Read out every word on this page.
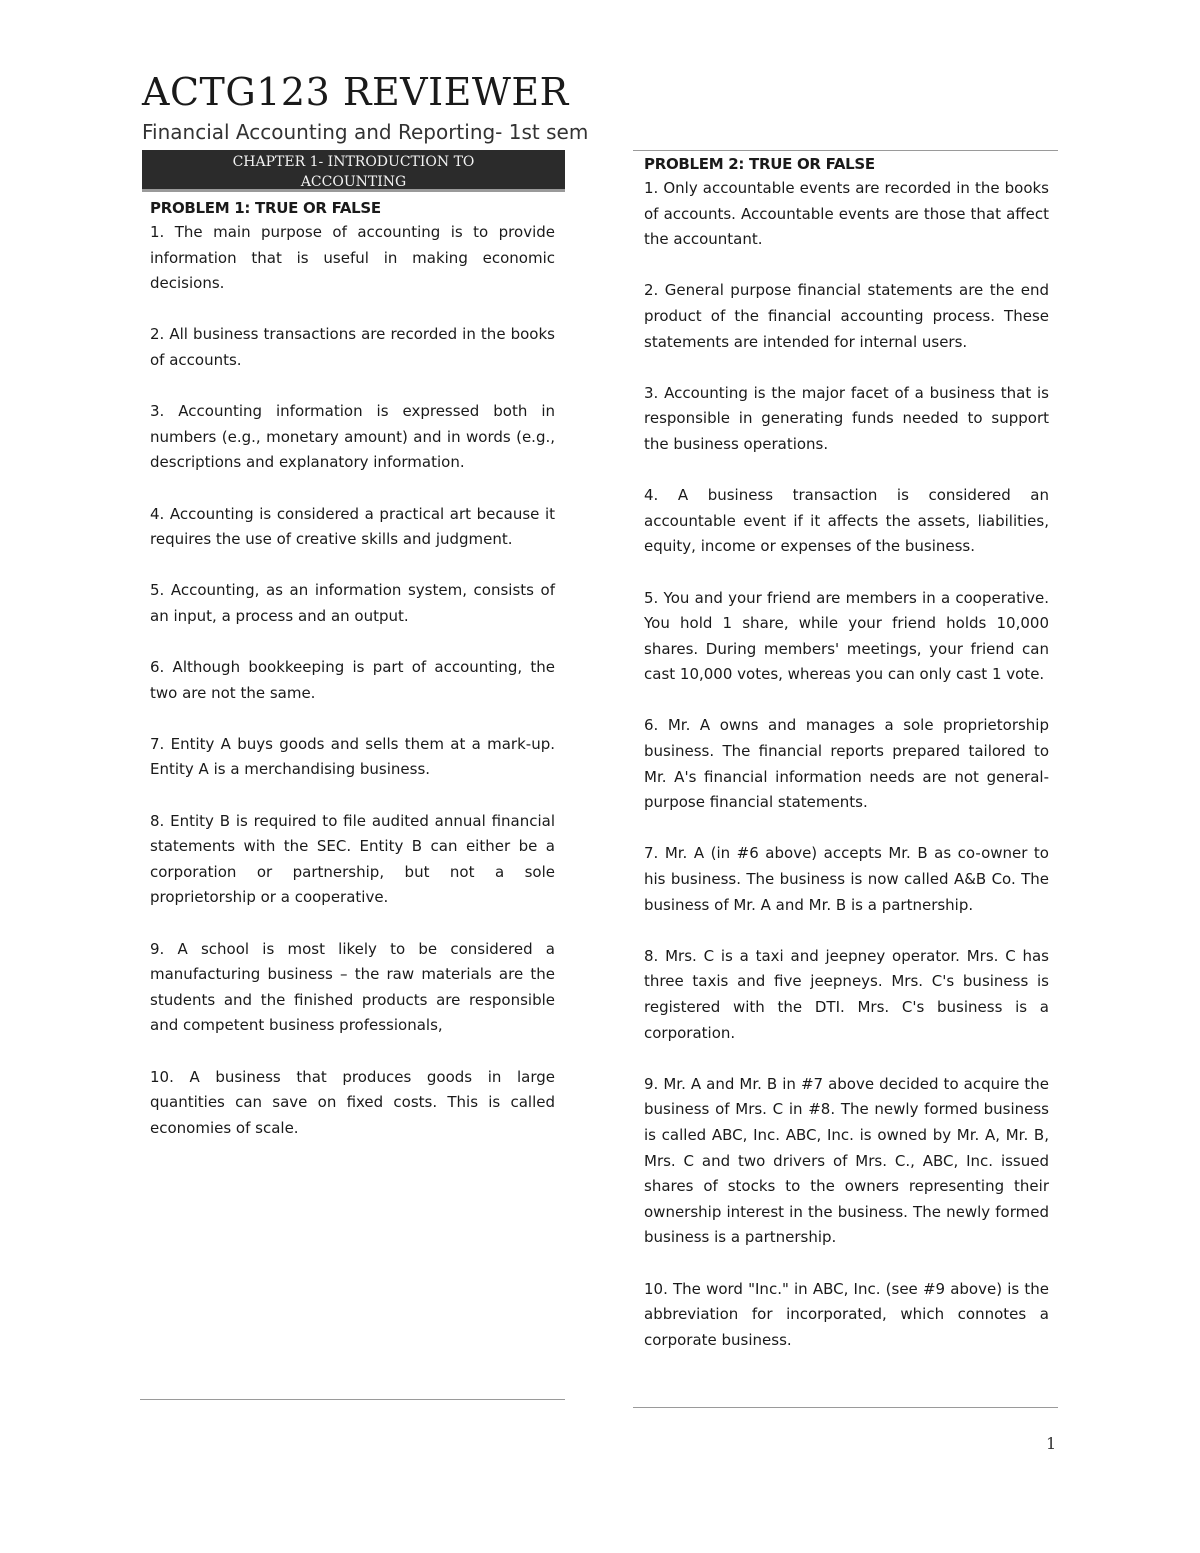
ACTG123 REVIEWER
Financial Accounting and Reporting- 1st sem
CHAPTER 1- INTRODUCTION TO
ACCOUNTING
PROBLEM 1: TRUE OR FALSE

1. The main purpose of accounting is to provide information that is useful in making economic decisions.

2. All business transactions are recorded in the books of accounts.

3. Accounting information is expressed both in numbers (e.g., monetary amount) and in words (e.g., descriptions and explanatory information.

4. Accounting is considered a practical art because it requires the use of creative skills and judgment.

5. Accounting, as an information system, consists of an input, a process and an output.

6. Although bookkeeping is part of accounting, the two are not the same.

7. Entity A buys goods and sells them at a mark-up. Entity A is a merchandising business.

8. Entity B is required to file audited annual financial statements with the SEC. Entity B can either be a corporation or partnership, but not a sole proprietorship or a cooperative.

9. A school is most likely to be considered a manufacturing business – the raw materials are the students and the finished products are responsible and competent business professionals,

10. A business that produces goods in large quantities can save on fixed costs. This is called economies of scale.

PROBLEM 2: TRUE OR FALSE

1. Only accountable events are recorded in the books of accounts. Accountable events are those that affect the accountant.

2. General purpose financial statements are the end product of the financial accounting process. These statements are intended for internal users.

3. Accounting is the major facet of a business that is responsible in generating funds needed to support the business operations.

4. A business transaction is considered an accountable event if it affects the assets, liabilities, equity, income or expenses of the business.

5. You and your friend are members in a cooperative. You hold 1 share, while your friend holds 10,000 shares. During members' meetings, your friend can cast 10,000 votes, whereas you can only cast 1 vote.

6. Mr. A owns and manages a sole proprietorship business. The financial reports prepared tailored to Mr. A's financial information needs are not general-purpose financial statements.

7. Mr. A (in #6 above) accepts Mr. B as co-owner to his business. The business is now called A&B Co. The business of Mr. A and Mr. B is a partnership.

8. Mrs. C is a taxi and jeepney operator. Mrs. C has three taxis and five jeepneys. Mrs. C's business is registered with the DTI. Mrs. C's business is a corporation.

9. Mr. A and Mr. B in #7 above decided to acquire the business of Mrs. C in #8. The newly formed business is called ABC, Inc. ABC, Inc. is owned by Mr. A, Mr. B, Mrs. C and two drivers of Mrs. C., ABC, Inc. issued shares of stocks to the owners representing their ownership interest in the business. The newly formed business is a partnership.

10. The word "Inc." in ABC, Inc. (see #9 above) is the abbreviation for incorporated, which connotes a corporate business.

1
